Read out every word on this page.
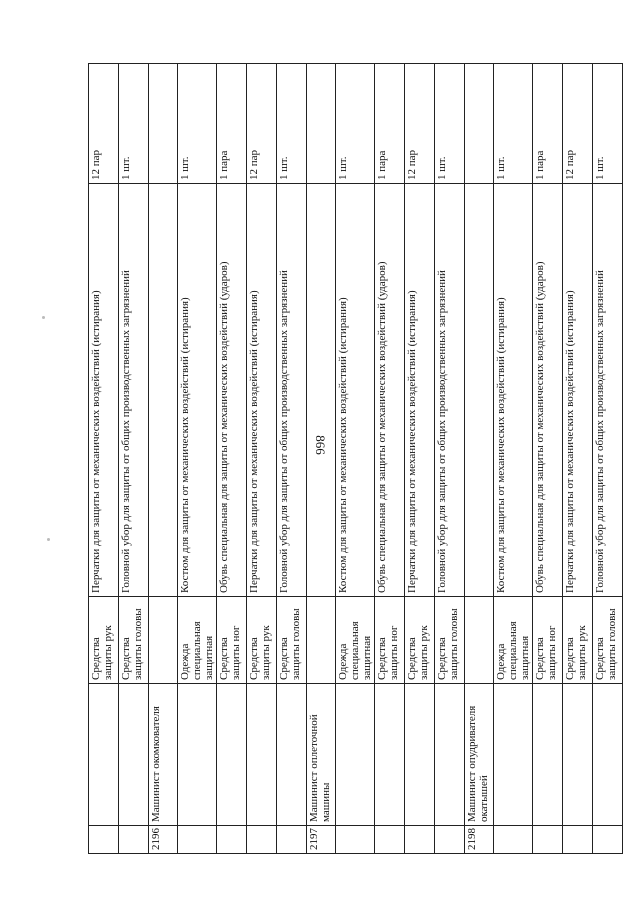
866
		Средства защиты рук	Перчатки для защиты от механических воздействий (истирания)	12 пар
		Средства защиты головы	Головной убор для защиты от общих производственных загрязнений	1 шт.
2196	Машинист окомкователя			
		Одежда специальная защитная	Костюм для защиты от механических воздействий (истирания)	1 шт.
		Средства защиты ног	Обувь специальная для защиты от механических воздействий (ударов)	1 пара
		Средства защиты рук	Перчатки для защиты от механических воздействий (истирания)	12 пар
		Средства защиты головы	Головной убор для защиты от общих производственных загрязнений	1 шт.
2197	Машинист оплеточной машины			
		Одежда специальная защитная	Костюм для защиты от механических воздействий (истирания)	1 шт.
		Средства защиты ног	Обувь специальная для защиты от механических воздействий (ударов)	1 пара
		Средства защиты рук	Перчатки для защиты от механических воздействий (истирания)	12 пар
		Средства защиты головы	Головной убор для защиты от общих производственных загрязнений	1 шт.
2198	Машинист опудривателя окатышей			
		Одежда специальная защитная	Костюм для защиты от механических воздействий (истирания)	1 шт.
		Средства защиты ног	Обувь специальная для защиты от механических воздействий (ударов)	1 пара
		Средства защиты рук	Перчатки для защиты от механических воздействий (истирания)	12 пар
		Средства защиты головы	Головной убор для защиты от общих производственных загрязнений	1 шт.
